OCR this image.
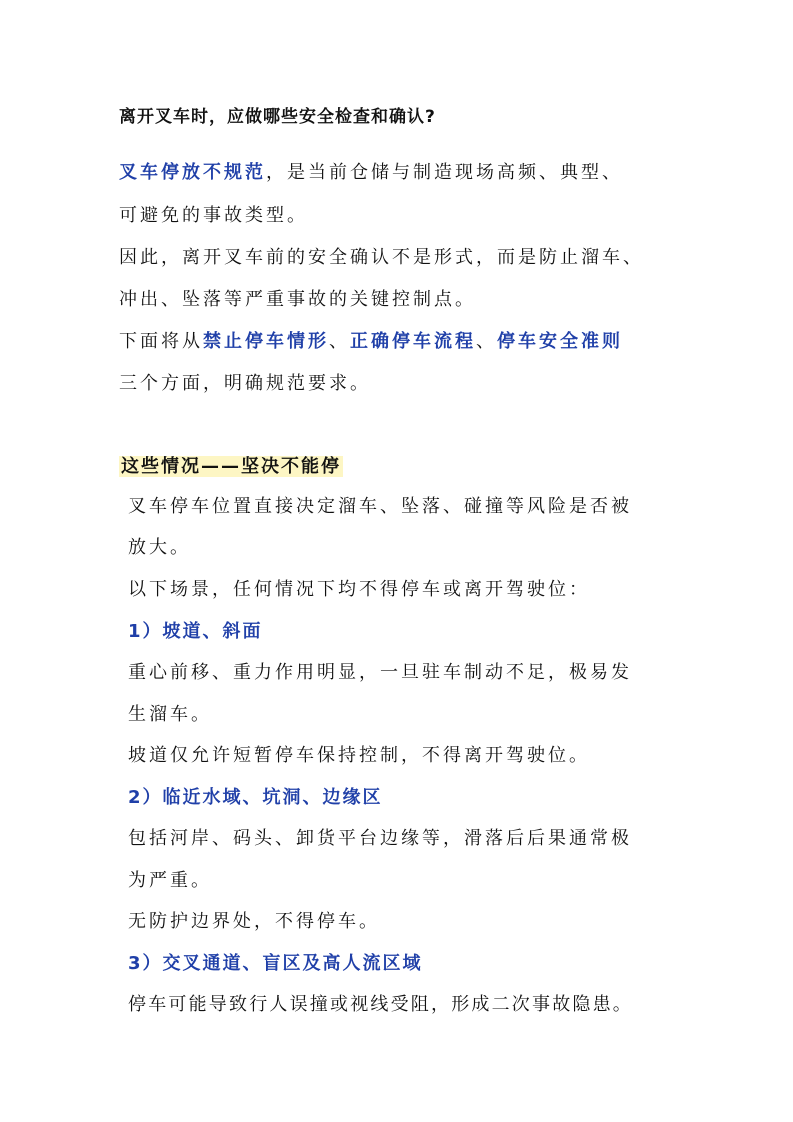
离开叉车时，应做哪些安全检查和确认?
叉车停放不规范，是当前仓储与制造现场高频、典型、
可避免的事故类型。
因此，离开叉车前的安全确认不是形式，而是防止溜车、
冲出、坠落等严重事故的关键控制点。
下面将从禁止停车情形、正确停车流程、停车安全准则
三个方面，明确规范要求。
这些情况——坚决不能停
叉车停车位置直接决定溜车、坠落、碰撞等风险是否被
放大。
以下场景，任何情况下均不得停车或离开驾驶位：
1）坡道、斜面
重心前移、重力作用明显，一旦驻车制动不足，极易发
生溜车。
坡道仅允许短暂停车保持控制，不得离开驾驶位。
2）临近水域、坑洞、边缘区
包括河岸、码头、卸货平台边缘等，滑落后后果通常极
为严重。
无防护边界处，不得停车。
3）交叉通道、盲区及高人流区域
停车可能导致行人误撞或视线受阻，形成二次事故隐患。
